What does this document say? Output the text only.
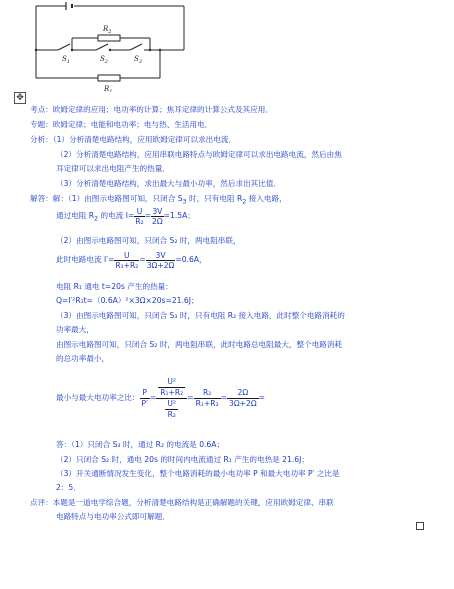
$R_2$
$S_1$	$S_2$	$S_3$
$R_1$
✥
考点：欧姆定律的应用；电功率的计算；焦耳定律的计算公式及其应用．
专题：欧姆定律；电能和电功率；电与热、生活用电．
分析：（1）分析清楚电路结构，应用欧姆定律可以求出电流．
（2）分析清楚电路结构，应用串联电路特点与欧姆定律可以求出电路电流，然后由焦
耳定律可以求出电阻产生的热量．
（3）分析清楚电路结构，求出最大与最小功率，然后求出其比值．
解答：解：（1）由图示电路图可知，只闭合 $S_3$ 时，只有电阻 $R_2$ 接入电路，
通过电阻 $R_2$ 的电流 $I= \frac{U}{\text{R₂}} = \frac{3V}{2\Omega} =1.5A$；
（2）由图示电路图可知，只闭合 S₂ 时，两电阻串联，
此时电路电流 $I'= \frac{U}{\text{R₁+R₂}} = \frac{3V}{3\Omega+2\Omega} =0.6A$，
电阻 R₁ 通电 t=20s 产生的热量：
Q=I′²R₁t=（0.6A）²×3Ω×20s=21.6J；
（3）由图示电路图可知，只闭合 S₃ 时，只有电阻 R₂ 接入电路，此时整个电路消耗的
功率最大，
由图示电路图可知，只闭合 S₂ 时，两电阻串联，此时电路总电阻最大，整个电路消耗
的总功率最小，
最小与最大电功率之比： $\frac{P}{P'} = \frac{\frac{\text{U²}}{\text{R₁+R₂}}}{\frac{\text{U²}}{\text{R₂}}} = \frac{\text{R₂}}{\text{R₁+R₂}} = \frac{2\Omega}{3\Omega+2\Omega}$ =
答：（1）只闭合 S₃ 时，通过 R₂ 的电流是 0.6A；
（2）只闭合 S₂ 时，通电 20s 的时间内电流通过 R₁ 产生的电热是 21.6J；
（3）开关通断情况发生变化，整个电路消耗的最小电功率 P 和最大电功率 P′ 之比是
2：5．
点评：本题是一道电学综合题，分析清楚电路结构是正确解题的关键，应用欧姆定律、串联
电路特点与电功率公式即可解题．
